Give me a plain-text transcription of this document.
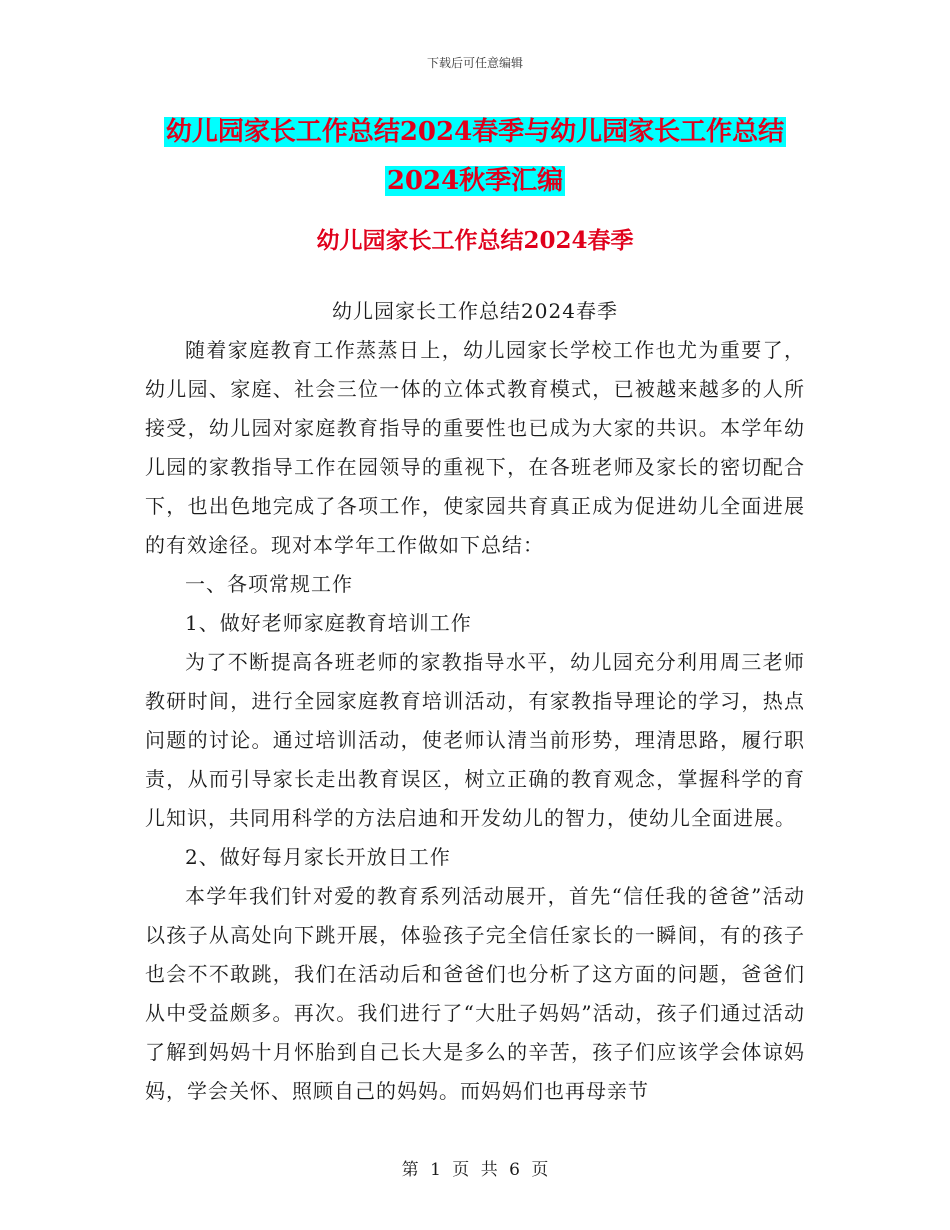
下载后可任意编辑
幼儿园家长工作总结2024春季与幼儿园家长工作总结
2024秋季汇编
幼儿园家长工作总结2024春季

幼儿园家长工作总结2024春季

随着家庭教育工作蒸蒸日上，幼儿园家长学校工作也尤为重要了，幼儿园、家庭、社会三位一体的立体式教育模式，已被越来越多的人所接受，幼儿园对家庭教育指导的重要性也已成为大家的共识。本学年幼儿园的家教指导工作在园领导的重视下，在各班老师及家长的密切配合下，也出色地完成了各项工作，使家园共育真正成为促进幼儿全面进展的有效途径。现对本学年工作做如下总结：

一、各项常规工作

1、做好老师家庭教育培训工作

为了不断提高各班老师的家教指导水平，幼儿园充分利用周三老师教研时间，进行全园家庭教育培训活动，有家教指导理论的学习，热点问题的讨论。通过培训活动，使老师认清当前形势，理清思路，履行职责，从而引导家长走出教育误区，树立正确的教育观念，掌握科学的育儿知识，共同用科学的方法启迪和开发幼儿的智力，使幼儿全面进展。

2、做好每月家长开放日工作

本学年我们针对爱的教育系列活动展开，首先“信任我的爸爸”活动以孩子从高处向下跳开展，体验孩子完全信任家长的一瞬间，有的孩子也会不不敢跳，我们在活动后和爸爸们也分析了这方面的问题，爸爸们从中受益颇多。再次。我们进行了“大肚子妈妈”活动，孩子们通过活动了解到妈妈十月怀胎到自己长大是多么的辛苦，孩子们应该学会体谅妈妈，学会关怀、照顾自己的妈妈。而妈妈们也再母亲节

第 1 页 共 6 页
